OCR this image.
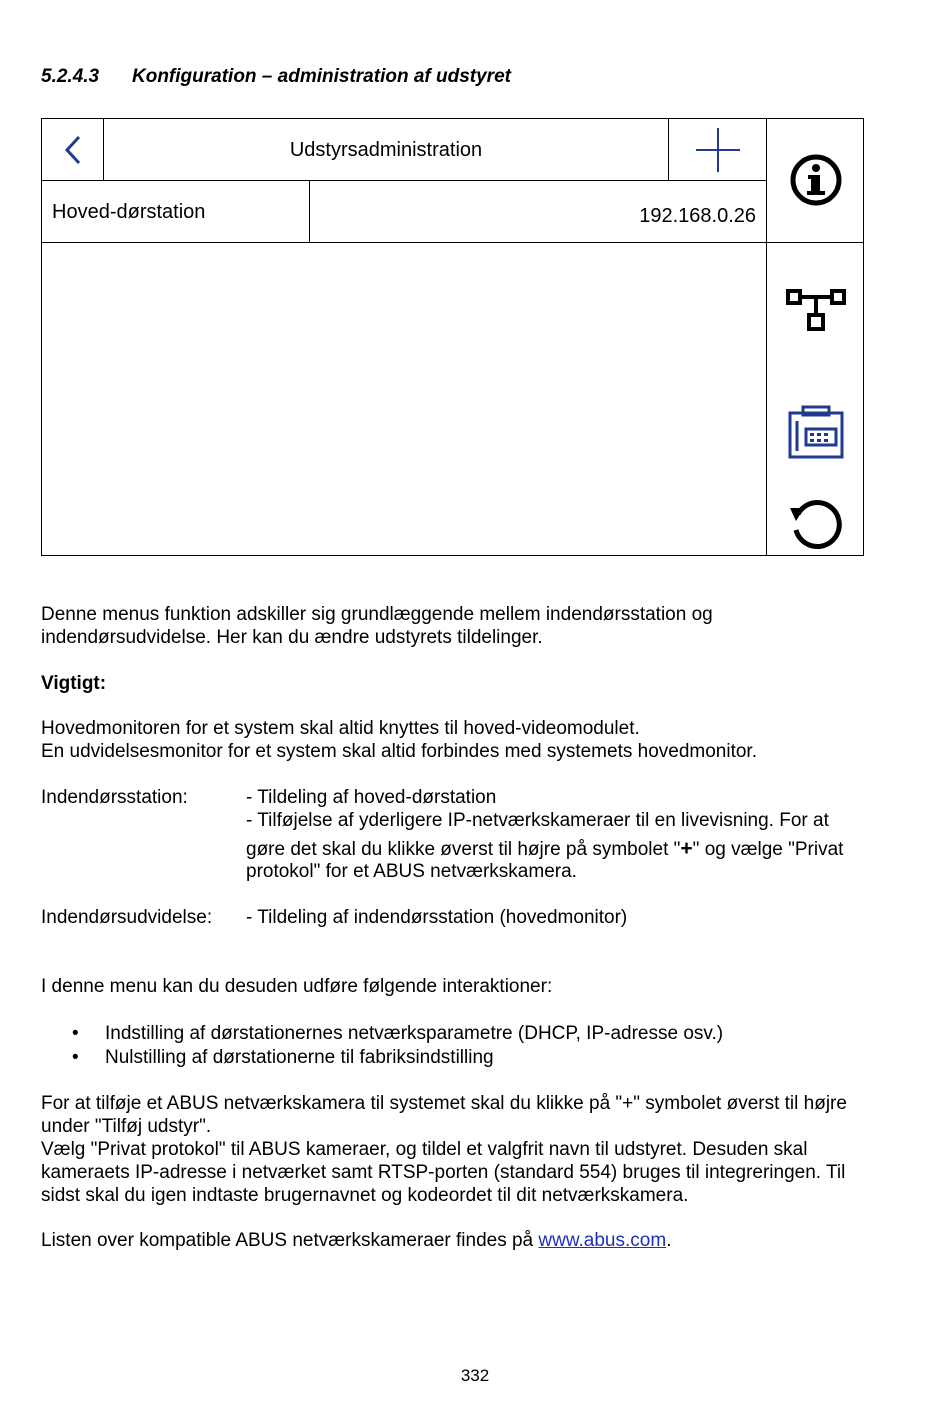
5.2.4.3	Konfiguration – administration af udstyret
Udstyrsadministration
Hoved-dørstation	192.168.0.26
Denne menus funktion adskiller sig grundlæggende mellem indendørsstation og
indendørsudvidelse. Her kan du ændre udstyrets tildelinger.
Vigtigt:
Hovedmonitoren for et system skal altid knyttes til hoved-videomodulet.
En udvidelsesmonitor for et system skal altid forbindes med systemets hovedmonitor.
Indendørsstation:	- Tildeling af hoved-dørstation
- Tilføjelse af yderligere IP-netværkskameraer til en livevisning. For at
gøre det skal du klikke øverst til højre på symbolet "+" og vælge "Privat
protokol" for et ABUS netværkskamera.
Indendørsudvidelse: - Tildeling af indendørsstation (hovedmonitor)
I denne menu kan du desuden udføre følgende interaktioner:
• Indstilling af dørstationernes netværksparametre (DHCP, IP-adresse osv.)
• Nulstilling af dørstationerne til fabriksindstilling
For at tilføje et ABUS netværkskamera til systemet skal du klikke på "+" symbolet øverst til højre
under "Tilføj udstyr".
Vælg "Privat protokol" til ABUS kameraer, og tildel et valgfrit navn til udstyret. Desuden skal
kameraets IP-adresse i netværket samt RTSP-porten (standard 554) bruges til integreringen. Til
sidst skal du igen indtaste brugernavnet og kodeordet til dit netværkskamera.
Listen over kompatible ABUS netværkskameraer findes på www.abus.com.
332
